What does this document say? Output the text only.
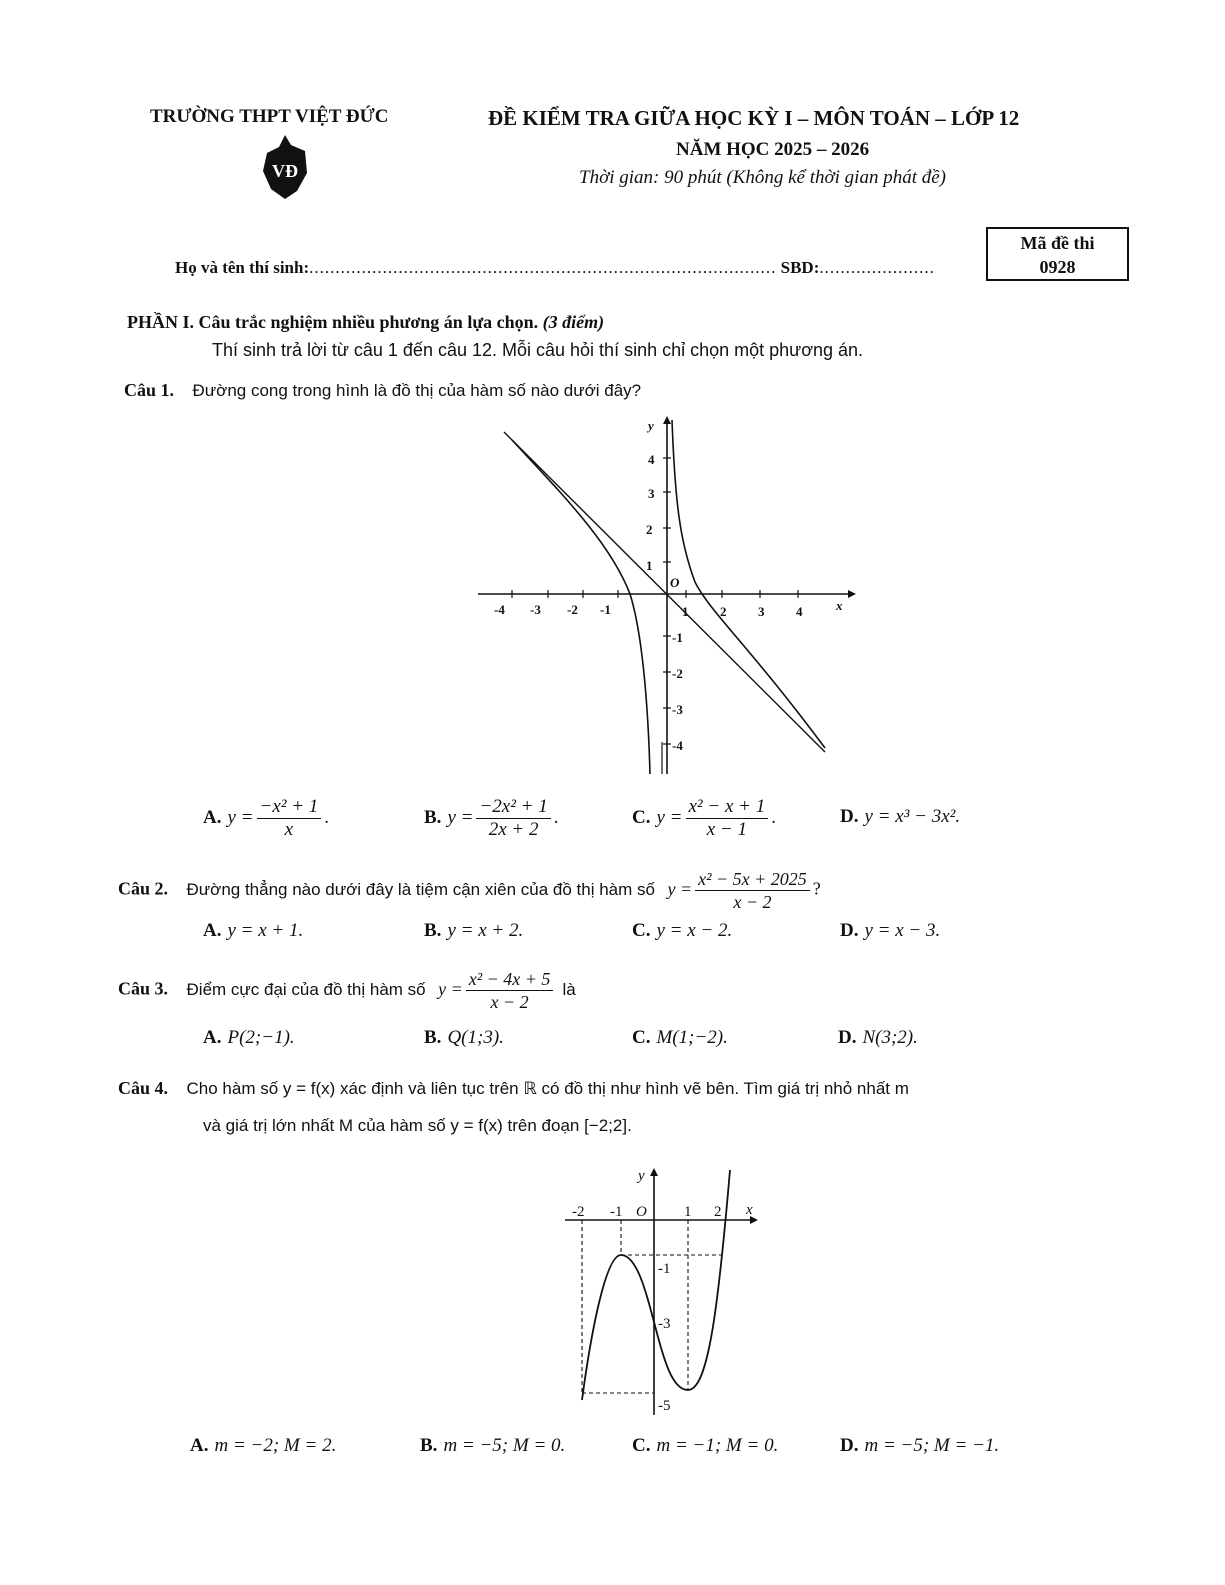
TRƯỜNG THPT VIỆT ĐỨC
VĐ
ĐỀ KIỂM TRA GIỮA HỌC KỲ I – MÔN TOÁN – LỚP 12
NĂM HỌC 2025 – 2026
Thời gian: 90 phút (Không kể thời gian phát đề)
Mã đề thi
0928
Họ và tên thí sinh:......................................................................................... SBD:......................
PHẦN I. Câu trắc nghiệm nhiều phương án lựa chọn. (3 điểm)
Thí sinh trả lời từ câu 1 đến câu 12. Mỗi câu hỏi thí sinh chỉ chọn một phương án.
Câu 1. Đường cong trong hình là đồ thị của hàm số nào dưới đây?
-4 -3 -2 -1	1 2 3 4
4
3
2
1
-1
-2
-3
-4
O
x
y
A. $y = \frac{\text{−x² + 1}}{x}$ .	B. $y = \frac{\text{−2x² + 1}}{2x + 2}$ .	C. $y = \frac{\text{x² − x + 1}}{x - 1}$ .	D. y = x³ − 3x².
Câu 2. Đường thẳng nào dưới đây là tiệm cận xiên của đồ thị hàm số $y = \frac{\text{x² − 5x + 2025}}{x - 2}$ ?
A. y = x + 1.	B. y = x + 2.	C. y = x − 2.	D. y = x − 3.
Câu 3. Điểm cực đại của đồ thị hàm số $y = \frac{\text{x² − 4x + 5}}{x - 2}$ là
A. P(2;−1).	B. Q(1;3).	C. M(1;−2).	D. N(3;2).
Câu 4. Cho hàm số y = f(x) xác định và liên tục trên ℝ có đồ thị như hình vẽ bên. Tìm giá trị nhỏ nhất m
và giá trị lớn nhất M của hàm số y = f(x) trên đoạn [−2;2].
-2 -1	1 2
-1
-3
-5
O	x
y
A. m = −2; M = 2.	B. m = −5; M = 0.	C. m = −1; M = 0.	D. m = −5; M = −1.
